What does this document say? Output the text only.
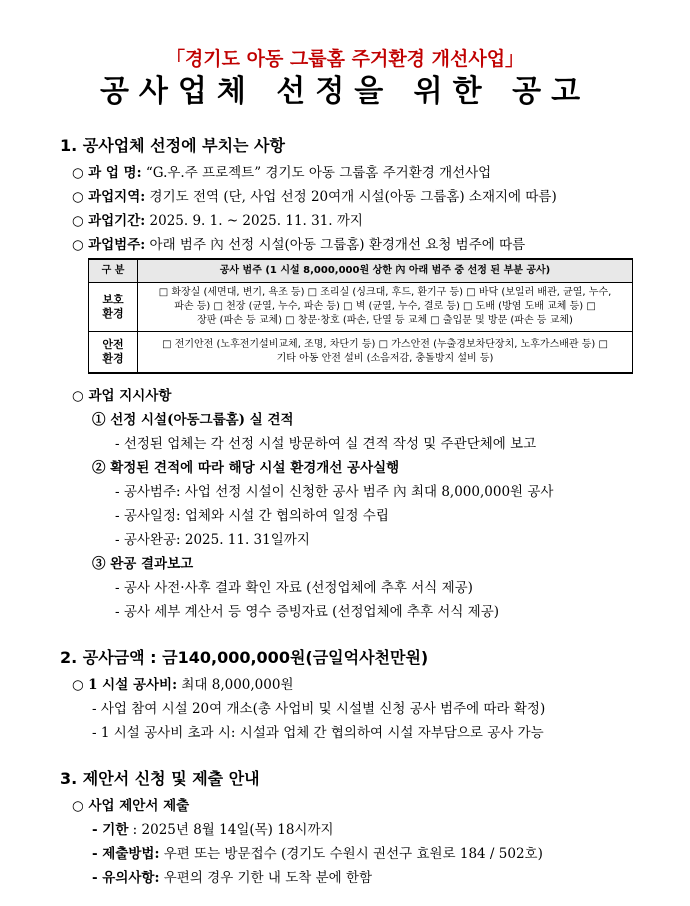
「경기도 아동 그룹홈 주거환경 개선사업」
공사업체 선정을 위한 공고
1. 공사업체 선정에 부치는 사항
○ 과 업 명: “G.우.주 프로젝트” 경기도 아동 그룹홈 주거환경 개선사업
○ 과업지역: 경기도 전역 (단, 사업 선정 20여개 시설(아동 그룹홈) 소재지에 따름)
○ 과업기간: 2025. 9. 1. ~ 2025. 11. 31. 까지
○ 과업범주: 아래 범주 內 선정 시설(아동 그룹홈) 환경개선 요청 범주에 따름
구 분	공사 범주 (1 시설 8,000,000원 상한 內 아래 범주 중 선정 된 부분 공사)
보호
환경	□ 화장실 (세면대, 변기, 욕조 등) □ 조리실 (싱크대, 후드, 환기구 등) □ 바닥 (보일러 배관, 균열, 누수,
파손 등) □ 천장 (균열, 누수, 파손 등) □ 벽 (균열, 누수, 결로 등) □ 도배 (방염 도배 교체 등) □
장판 (파손 등 교체) □ 창문·창호 (파손, 단열 등 교체 □ 출입문 및 방문 (파손 등 교체)
안전
환경	□ 전기안전 (노후전기설비교체, 조명, 차단기 등) □ 가스안전 (누출경보차단장치, 노후가스배관 등) □
기타 아동 안전 설비 (소음저감, 충돌방지 설비 등)
○ 과업 지시사항
① 선정 시설(아동그룹홈) 실 견적
- 선정된 업체는 각 선정 시설 방문하여 실 견적 작성 및 주관단체에 보고
② 확정된 견적에 따라 해당 시설 환경개선 공사실행
- 공사범주: 사업 선정 시설이 신청한 공사 범주 內 최대 8,000,000원 공사
- 공사일정: 업체와 시설 간 협의하여 일정 수립
- 공사완공: 2025. 11. 31일까지
③ 완공 결과보고
- 공사 사전·사후 결과 확인 자료 (선정업체에 추후 서식 제공)
- 공사 세부 계산서 등 영수 증빙자료 (선정업체에 추후 서식 제공)
2. 공사금액 : 금140,000,000원(금일억사천만원)
○ 1 시설 공사비: 최대 8,000,000원
- 사업 참여 시설 20여 개소(총 사업비 및 시설별 신청 공사 범주에 따라 확정)
- 1 시설 공사비 초과 시: 시설과 업체 간 협의하여 시설 자부담으로 공사 가능
3. 제안서 신청 및 제출 안내
○ 사업 제안서 제출
- 기한 : 2025년 8월 14일(목) 18시까지
- 제출방법: 우편 또는 방문접수 (경기도 수원시 권선구 효원로 184 / 502호)
- 유의사항: 우편의 경우 기한 내 도착 분에 한함
